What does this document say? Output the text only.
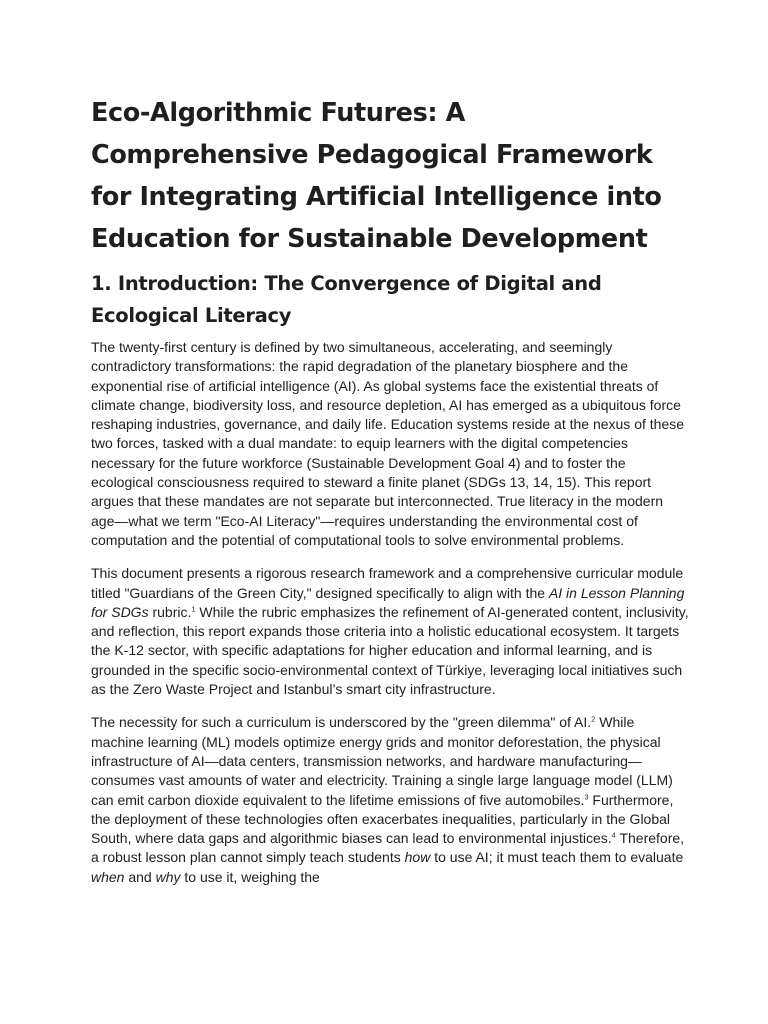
Eco-Algorithmic Futures: A Comprehensive Pedagogical Framework for Integrating Artificial Intelligence into Education for Sustainable Development
1. Introduction: The Convergence of Digital and Ecological Literacy

The twenty-first century is defined by two simultaneous, accelerating, and seemingly contradictory transformations: the rapid degradation of the planetary biosphere and the exponential rise of artificial intelligence (AI). As global systems face the existential threats of climate change, biodiversity loss, and resource depletion, AI has emerged as a ubiquitous force reshaping industries, governance, and daily life. Education systems reside at the nexus of these two forces, tasked with a dual mandate: to equip learners with the digital competencies necessary for the future workforce (Sustainable Development Goal 4) and to foster the ecological consciousness required to steward a finite planet (SDGs 13, 14, 15). This report argues that these mandates are not separate but interconnected. True literacy in the modern age—what we term "Eco-AI Literacy"—requires understanding the environmental cost of computation and the potential of computational tools to solve environmental problems.

This document presents a rigorous research framework and a comprehensive curricular module titled "Guardians of the Green City," designed specifically to align with the AI in Lesson Planning for SDGs rubric.$^1$ While the rubric emphasizes the refinement of AI-generated content, inclusivity, and reflection, this report expands those criteria into a holistic educational ecosystem. It targets the K-12 sector, with specific adaptations for higher education and informal learning, and is grounded in the specific socio-environmental context of Türkiye, leveraging local initiatives such as the Zero Waste Project and Istanbul’s smart city infrastructure.

The necessity for such a curriculum is underscored by the "green dilemma" of AI.$^2$ While machine learning (ML) models optimize energy grids and monitor deforestation, the physical infrastructure of AI—data centers, transmission networks, and hardware manufacturing—consumes vast amounts of water and electricity. Training a single large language model (LLM) can emit carbon dioxide equivalent to the lifetime emissions of five automobiles.$^3$ Furthermore, the deployment of these technologies often exacerbates inequalities, particularly in the Global South, where data gaps and algorithmic biases can lead to environmental injustices.$^4$ Therefore, a robust lesson plan cannot simply teach students how to use AI; it must teach them to evaluate when and why to use it, weighing the
